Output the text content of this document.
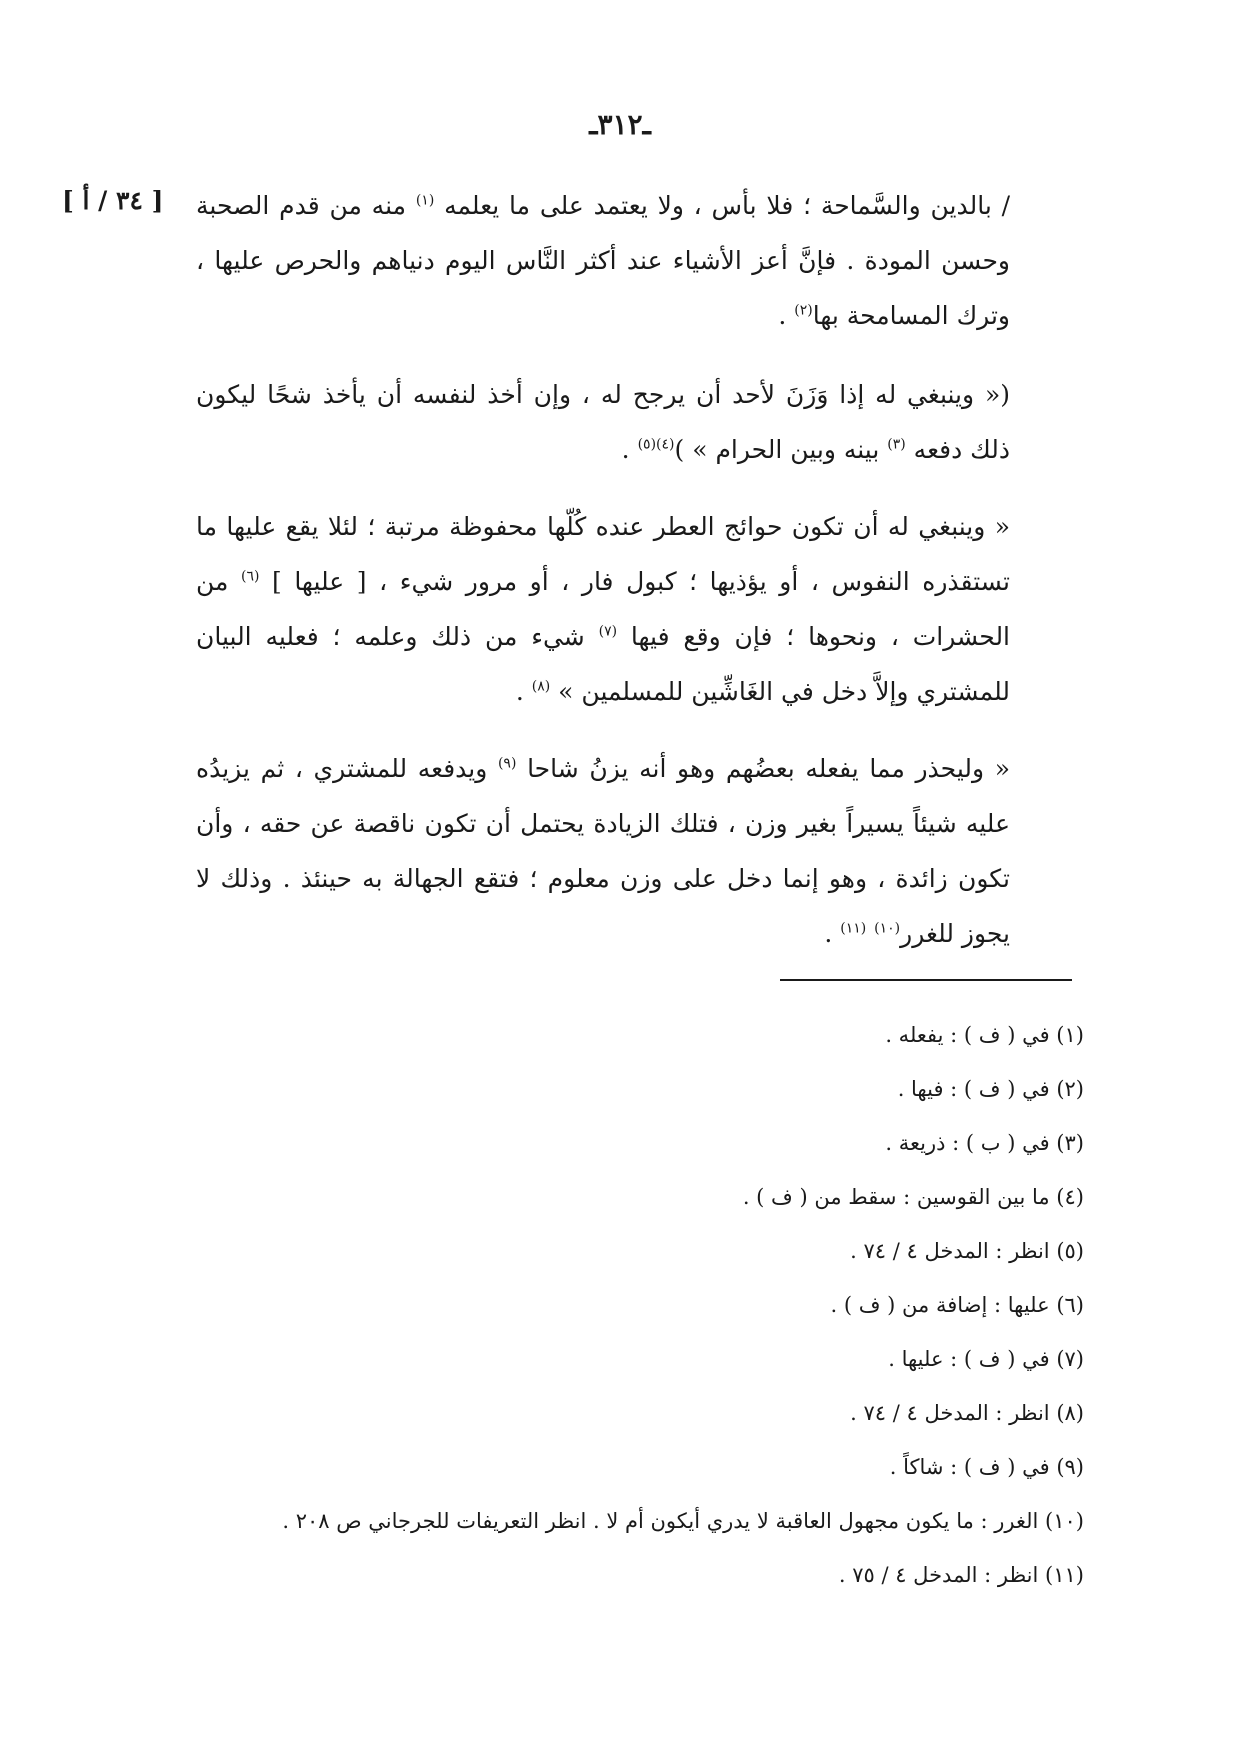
ـ٣١٢ـ
[ ٣٤ / أ ]	/ بالدين والسَّماحة ؛ فلا بأس ، ولا يعتمد على ما يعلمه $^{(١)}$ منه من قدم الصحبة وحسن المودة . فإنَّ أعز الأشياء عند أكثر النَّاس اليوم دنياهم والحرص عليها ، وترك المسامحة بها$^{(٢)}$ .

(« وينبغي له إذا وَزَنَ لأحد أن يرجح له ، وإن أخذ لنفسه أن يأخذ شحًا ليكون ذلك دفعه $^{(٣)}$ بينه وبين الحرام » )$^{(٤)(٥)}$ .

« وينبغي له أن تكون حوائج العطر عنده كُلّها محفوظة مرتبة ؛ لئلا يقع عليها ما تستقذره النفوس ، أو يؤذيها ؛ كبول فار ، أو مرور شيء ، [ عليها ] $^{(٦)}$ من الحشرات ، ونحوها ؛ فإن وقع فيها $^{(٧)}$ شيء من ذلك وعلمه ؛ فعليه البيان للمشتري وإلاَّ دخل في الغَاشِّين للمسلمين » $^{(٨)}$ .

« وليحذر مما يفعله بعضُهم وهو أنه يزنُ شاحا $^{(٩)}$ ويدفعه للمشتري ، ثم يزيدُه عليه شيئاً يسيراً بغير وزن ، فتلك الزيادة يحتمل أن تكون ناقصة عن حقه ، وأن تكون زائدة ، وهو إنما دخل على وزن معلوم ؛ فتقع الجهالة به حينئذ . وذلك لا يجوز للغرر$^{(١٠)}$ $^{(١١)}$ .

(١) في ( ف ) : يفعله .
(٢) في ( ف ) : فيها .
(٣) في ( ب ) : ذريعة .
(٤) ما بين القوسين : سقط من ( ف ) .
(٥) انظر : المدخل ٤ / ٧٤ .
(٦) عليها : إضافة من ( ف ) .
(٧) في ( ف ) : عليها .
(٨) انظر : المدخل ٤ / ٧٤ .
(٩) في ( ف ) : شاكاً .
(١٠) الغرر : ما يكون مجهول العاقبة لا يدري أيكون أم لا . انظر التعريفات للجرجاني ص ٢٠٨ .
(١١) انظر : المدخل ٤ / ٧٥ .
